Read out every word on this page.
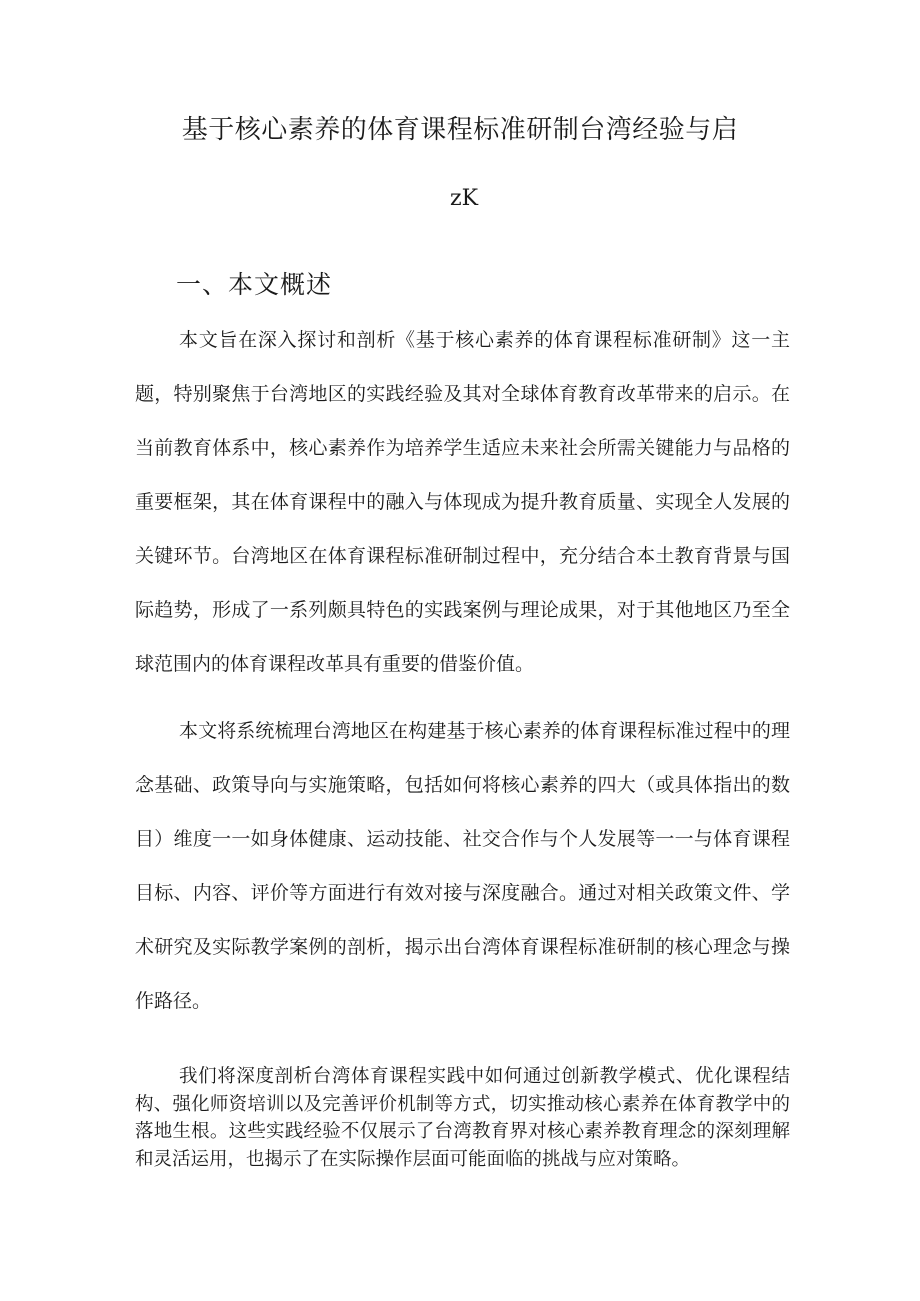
基于核心素养的体育课程标准研制台湾经验与启
zK
一、本文概述

本文旨在深入探讨和剖析《基于核心素养的体育课程标准研制》这一主题，特别聚焦于台湾地区的实践经验及其对全球体育教育改革带来的启示。在当前教育体系中，核心素养作为培养学生适应未来社会所需关键能力与品格的重要框架，其在体育课程中的融入与体现成为提升教育质量、实现全人发展的关键环节。台湾地区在体育课程标准研制过程中，充分结合本土教育背景与国际趋势，形成了一系列颇具特色的实践案例与理论成果，对于其他地区乃至全球范围内的体育课程改革具有重要的借鉴价值。

本文将系统梳理台湾地区在构建基于核心素养的体育课程标准过程中的理念基础、政策导向与实施策略，包括如何将核心素养的四大（或具体指出的数目）维度一一如身体健康、运动技能、社交合作与个人发展等一一与体育课程目标、内容、评价等方面进行有效对接与深度融合。通过对相关政策文件、学术研究及实际教学案例的剖析，揭示出台湾体育课程标准研制的核心理念与操作路径。

我们将深度剖析台湾体育课程实践中如何通过创新教学模式、优化课程结构、强化师资培训以及完善评价机制等方式，切实推动核心素养在体育教学中的落地生根。这些实践经验不仅展示了台湾教育界对核心素养教育理念的深刻理解和灵活运用，也揭示了在实际操作层面可能面临的挑战与应对策略。
